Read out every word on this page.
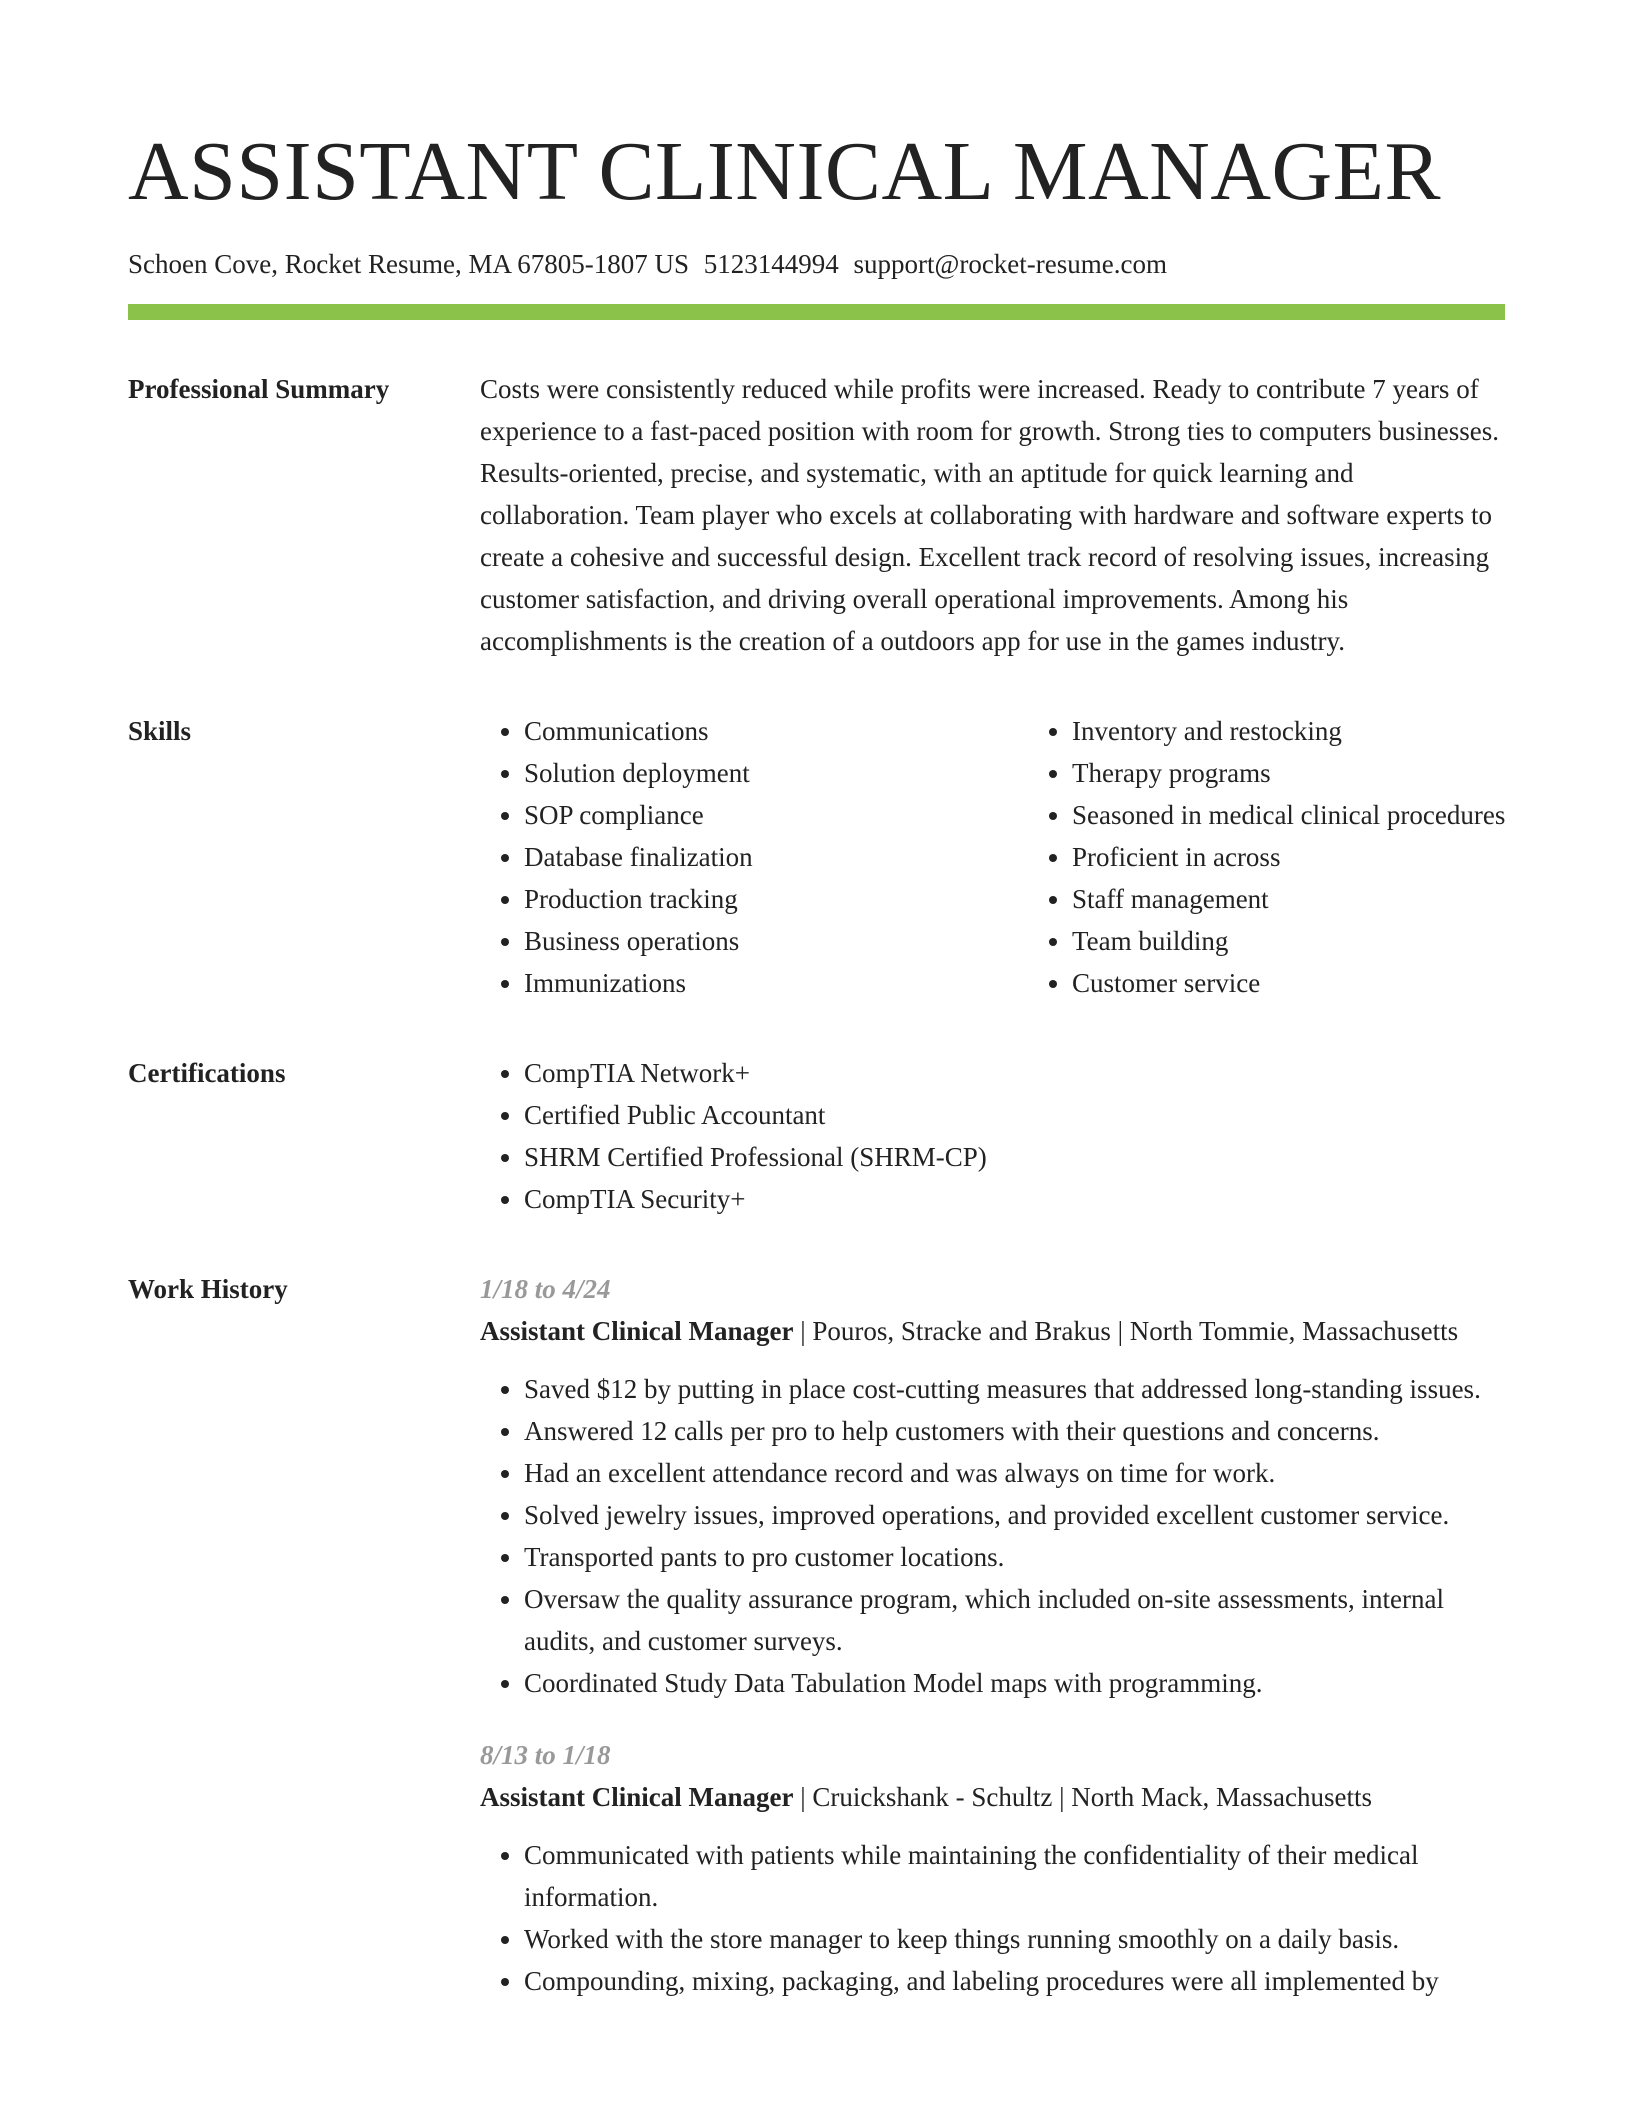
ASSISTANT CLINICAL MANAGER
Schoen Cove, Rocket Resume, MA 67805-1807 US 5123144994 support@rocket-resume.com
Professional Summary	Costs were consistently reduced while profits were increased. Ready to contribute 7 years of experience to a fast-paced position with room for growth. Strong ties to computers businesses. Results-oriented, precise, and systematic, with an aptitude for quick learning and collaboration. Team player who excels at collaborating with hardware and software experts to create a cohesive and successful design. Excellent track record of resolving issues, increasing customer satisfaction, and driving overall operational improvements. Among his accomplishments is the creation of a outdoors app for use in the games industry.

Skills	• Communications
• Solution deployment
• SOP compliance
• Database finalization
• Production tracking
• Business operations
• Immunizations
• Inventory and restocking
• Therapy programs
• Seasoned in medical clinical procedures
• Proficient in across
• Staff management
• Team building
• Customer service
Certifications	• CompTIA Network+
• Certified Public Accountant
• SHRM Certified Professional (SHRM-CP)
• CompTIA Security+
Work History	1/18 to 4/24
Assistant Clinical Manager | Pouros, Stracke and Brakus | North Tommie, Massachusetts
• Saved $12 by putting in place cost-cutting measures that addressed long-standing issues.
• Answered 12 calls per pro to help customers with their questions and concerns.
• Had an excellent attendance record and was always on time for work.
• Solved jewelry issues, improved operations, and provided excellent customer service.
• Transported pants to pro customer locations.
• Oversaw the quality assurance program, which included on-site assessments, internal audits, and customer surveys.
• Coordinated Study Data Tabulation Model maps with programming.
8/13 to 1/18
Assistant Clinical Manager | Cruickshank - Schultz | North Mack, Massachusetts
• Communicated with patients while maintaining the confidentiality of their medical information.
• Worked with the store manager to keep things running smoothly on a daily basis.
• Compounding, mixing, packaging, and labeling procedures were all implemented by
